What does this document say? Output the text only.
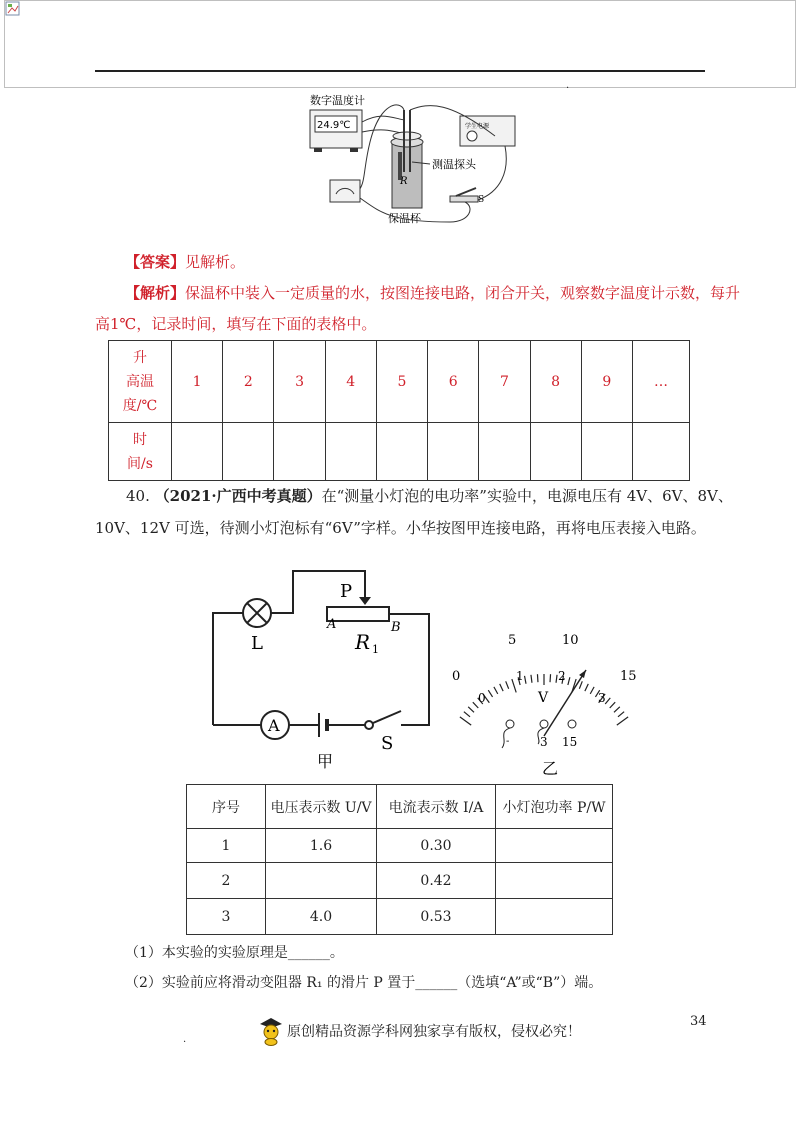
.
数字温度计
24.9℃
R
测温探头
保温杯
学生电源
S
【答案】见解析。
【解析】保温杯中装入一定质量的水，按图连接电路，闭合开关，观察数字温度计示数，每升
高1℃，记录时间，填写在下面的表格中。
升
高温
度/℃	1	2	3	4	5	6	7	8	9	…

时
间/s										

40. （2021·广西中考真题）在“测量小灯泡的电功率”实验中，电源电压有 4V、6V、8V、
10V、12V 可选，待测小灯泡标有“6V”字样。小华按图甲连接电路，再将电压表接入电路。
L
P
A	B
R 1
A
S
甲
0
5	10
15
0
1	2
3
V
-	3 15
乙
序号	电压表示数 U/V	电流表示数 I/A	小灯泡功率 P/W
1	1.6	0.30	
2		0.42	
3	4.0	0.53	
（1）本实验的实验原理是______。
（2）实验前应将滑动变阻器 R₁ 的滑片 P 置于______（选填“A”或“B”）端。
34
.	原创精品资源学科网独家享有版权，侵权必究！
